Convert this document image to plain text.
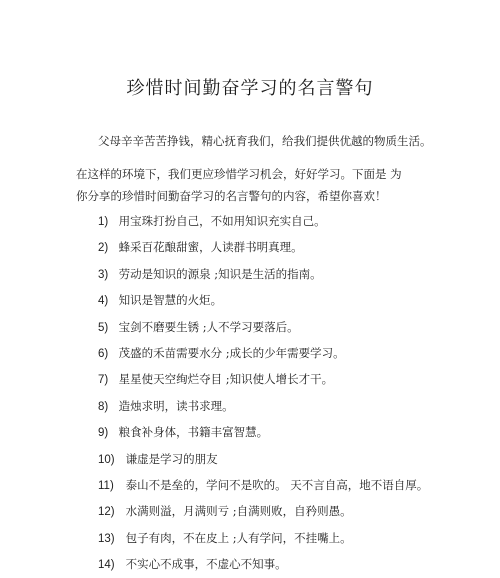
珍惜时间勤奋学习的名言警句
父母辛辛苦苦挣钱，精心抚育我们，给我们提供优越的物质生活。
在这样的环境下，我们更应珍惜学习机会，好好学习。下面是 为你分享的珍惜时间勤奋学习的名言警句的内容，希望你喜欢！
1) 用宝珠打扮自己，不如用知识充实自己。
2) 蜂采百花酿甜蜜，人读群书明真理。
3) 劳动是知识的源泉 ;知识是生活的指南。
4) 知识是智慧的火炬。
5) 宝剑不磨要生锈 ;人不学习要落后。
6) 茂盛的禾苗需要水分 ;成长的少年需要学习。
7) 星星使天空绚烂夺目 ;知识使人增长才干。
8) 造烛求明，读书求理。
9) 粮食补身体，书籍丰富智慧。
10) 谦虚是学习的朋友
11) 泰山不是垒的，学问不是吹的。 天不言自高，地不语自厚。
12) 水满则溢，月满则亏 ;自满则败，自矜则愚。
13) 包子有肉，不在皮上 ;人有学问，不挂嘴上。
14) 不实心不成事，不虚心不知事。
